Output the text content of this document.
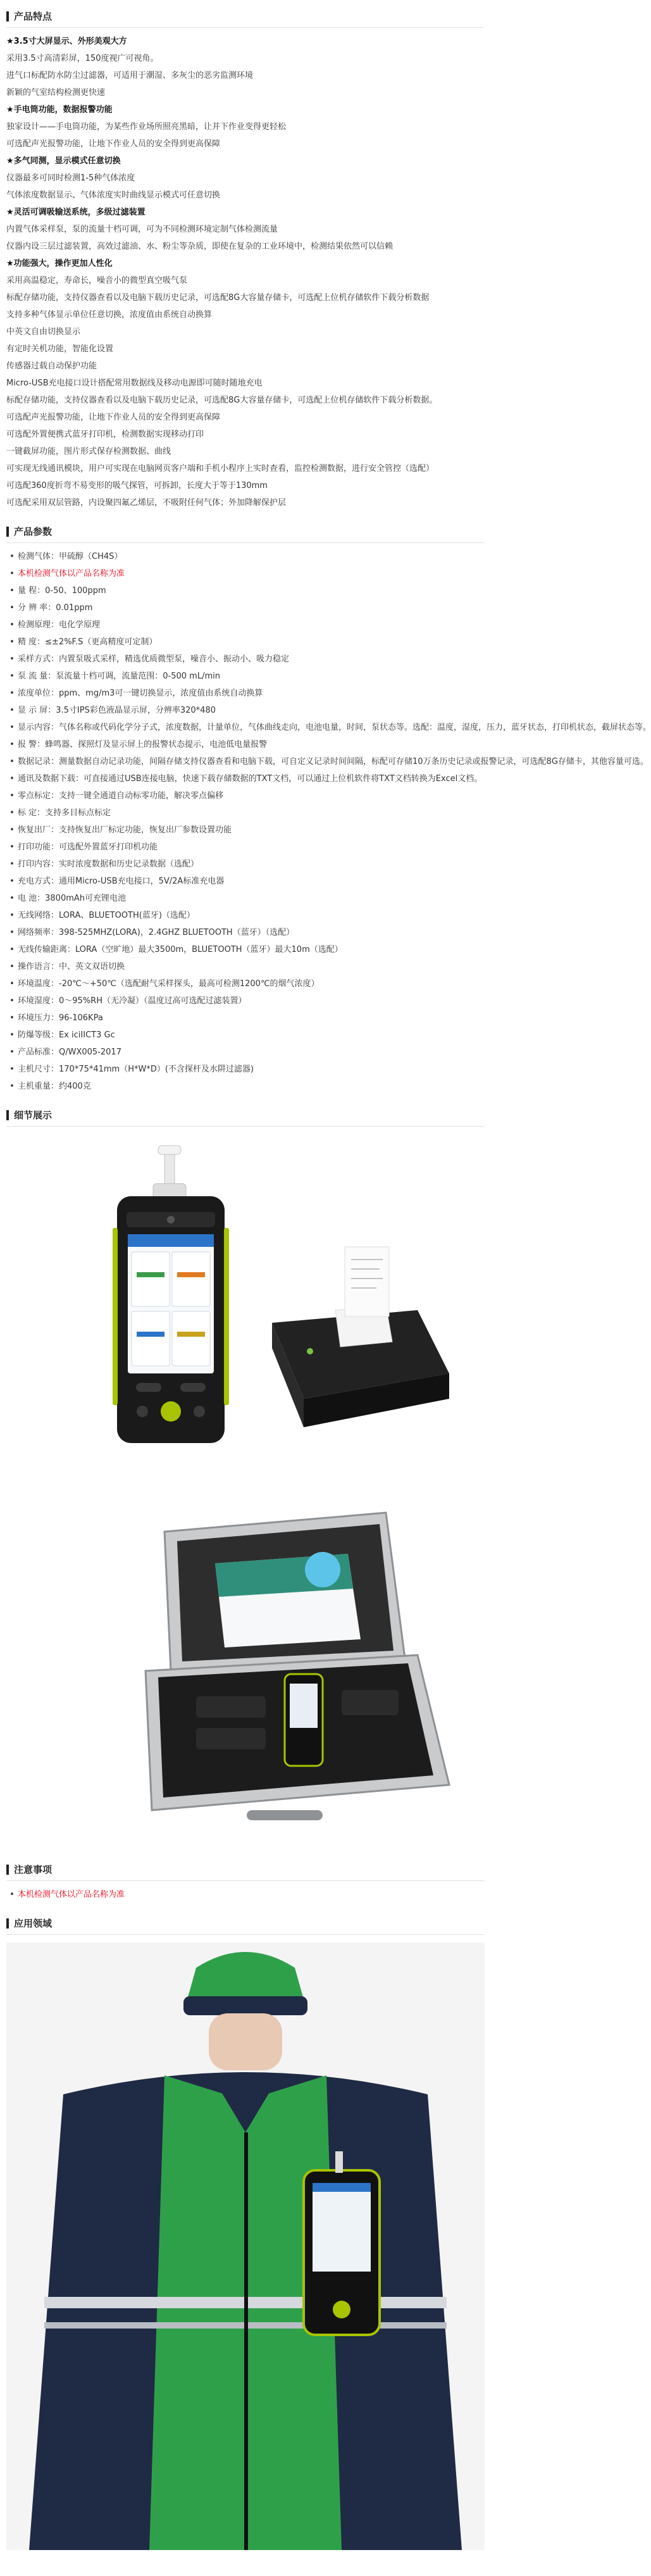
产品特点

★3.5寸大屏显示、外形美观大方

采用3.5寸高清彩屏，150度视广可视角。

进气口标配防水防尘过滤器，可适用于潮湿、多灰尘的恶劣监测环境

新颖的气室结构检测更快速

★手电筒功能，数据报警功能

独家设计——手电筒功能，为某些作业场所照亮黑暗，让并下作业变得更轻松

可选配声光报警功能，让地下作业人员的安全得到更高保障

★多气同测，显示模式任意切换

仪器最多可同时检测1-5种气体浓度

气体浓度数据显示、气体浓度实时曲线显示模式可任意切换

★灵活可调吸输送系统，多级过滤装置

内置气体采样泵，泵的流量十档可调，可为不同检测环境定制气体检测流量

仪器内设三层过滤装置，高效过滤油、水、粉尘等杂质，即使在复杂的工业环境中，检测结果依然可以信赖

★功能强大，操作更加人性化

采用高温稳定，寿命长，噪音小的微型真空吸气泵

标配存储功能，支持仪器查看以及电脑下载历史记录，可选配8G大容量存储卡，可选配上位机存储软件下载分析数据

支持多种气体显示单位任意切换，浓度值由系统自动换算

中英文自由切换显示

有定时关机功能，智能化设置

传感器过载自动保护功能

Micro-USB充电接口设计搭配常用数据线及移动电源即可随时随地充电

标配存储功能，支持仪器查看以及电脑下载历史记录，可选配8G大容量存储卡，可选配上位机存储软件下载分析数据。

可选配声光报警功能，让地下作业人员的安全得到更高保障

可选配外置便携式蓝牙打印机，检测数据实现移动打印

一键截屏功能，图片形式保存检测数据、曲线

可实现无线通讯模块，用户可实现在电脑网页客户端和手机小程序上实时查看，监控检测数据，进行安全管控（选配）

可选配360度折弯不易变形的吸气探管，可拆卸，长度大于等于130mm

可选配采用双层管路，内设聚四氟乙烯层，不吸附任何气体；外加降解保护层

产品参数
• 检测气体：甲硫醇（CH4S）
• 本机检测气体以产品名称为准
• 量 程：0-50、100ppm
• 分 辨 率：0.01ppm
• 检测原理：电化学原理
• 精 度：≤±2%F.S（更高精度可定制）
• 采样方式：内置泵吸式采样，精选优质微型泵，噪音小、振动小、吸力稳定
• 泵 流 量：泵流量十档可调，流量范围：0-500 mL/min
• 浓度单位：ppm、mg/m3可一键切换显示，浓度值由系统自动换算
• 显 示 屏：3.5寸IPS彩色液晶显示屏，分辨率320*480
• 显示内容：气体名称或代码化学分子式，浓度数据，计量单位，气体曲线走向，电池电量，时间，泵状态等。选配：温度，湿度，压力，蓝牙状态，打印机状态，截屏状态等。
• 报 警：蜂鸣器、探照灯及显示屏上的报警状态提示，电池低电量报警
• 数据记录：测量数据自动记录功能，间隔存储支持仪器查看和电脑下载，可自定义记录时间间隔，标配可存储10万条历史记录或报警记录，可选配8G存储卡，其他容量可选。
• 通讯及数据下载：可直接通过USB连接电脑，快速下载存储数据的TXT文档，可以通过上位机软件将TXT文档转换为Excel文档。
• 零点标定：支持一键全通道自动标零功能，解决零点偏移
• 标 定：支持多目标点标定
• 恢复出厂：支持恢复出厂标定功能，恢复出厂参数设置功能
• 打印功能：可选配外置蓝牙打印机功能
• 打印内容：实时浓度数据和历史记录数据（选配）
• 充电方式：通用Micro-USB充电接口，5V/2A标准充电器
• 电 池：3800mAh可充锂电池
• 无线网络：LORA、BLUETOOTH(蓝牙)（选配）
• 网络频率：398-525MHZ(LORA)，2.4GHZ BLUETOOTH（蓝牙）（选配）
• 无线传输距离：LORA（空旷地）最大3500m，BLUETOOTH（蓝牙）最大10m（选配）
• 操作语言：中、英文双语切换
• 环境温度：-20℃～+50℃（选配耐气采样探头，最高可检测1200℃的烟气浓度）
• 环境湿度：0～95%RH（无冷凝）（温度过高可选配过滤装置）
• 环境压力：96-106KPa
• 防爆等级：Ex iciIICT3 Gc
• 产品标准：Q/WX005-2017
• 主机尺寸：170*75*41mm（H*W*D）(不含探杆及水阱过滤器)
• 主机重量：约400克
细节展示
注意事项
• 本机检测气体以产品名称为准
应用领域
